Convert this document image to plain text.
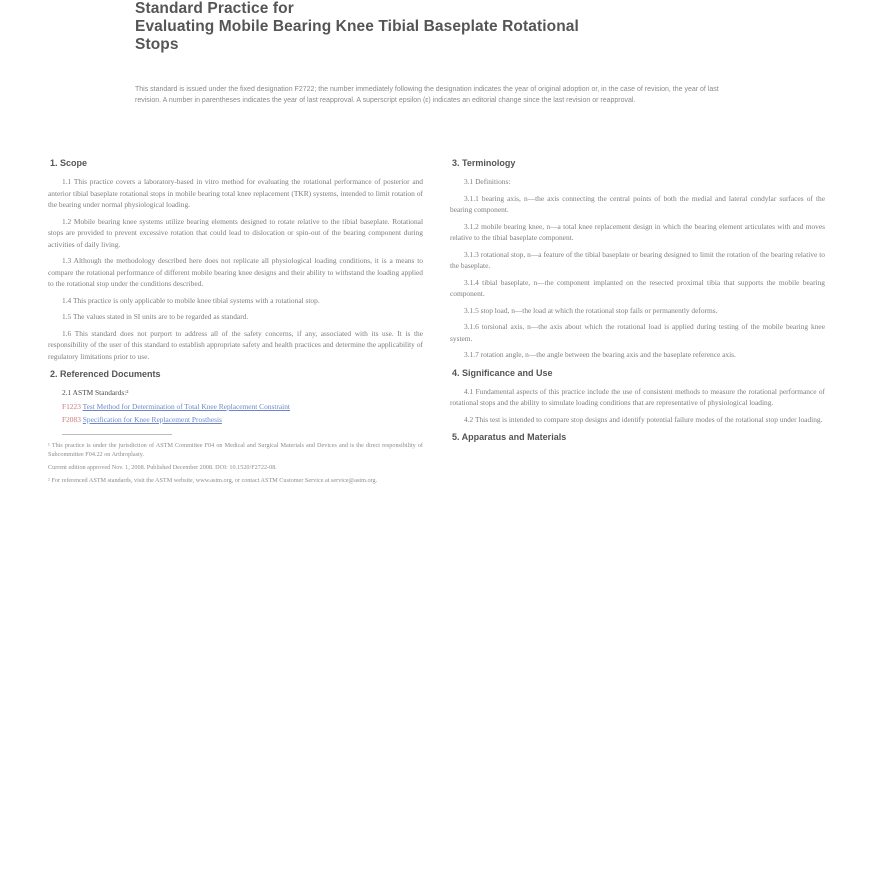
Standard Practice for
Evaluating Mobile Bearing Knee Tibial Baseplate Rotational
Stops
This standard is issued under the fixed designation F2722; the number immediately following the designation indicates the year of original adoption or, in the case of revision, the year of last revision. A number in parentheses indicates the year of last reapproval. A superscript epsilon (ε) indicates an editorial change since the last revision or reapproval.
1. Scope

1.1 This practice covers a laboratory-based in vitro method for evaluating the rotational performance of posterior and anterior tibial baseplate rotational stops in mobile bearing total knee replacement (TKR) systems, intended to limit rotation of the bearing under normal physiological loading.

1.2 Mobile bearing knee systems utilize bearing elements designed to rotate relative to the tibial baseplate. Rotational stops are provided to prevent excessive rotation that could lead to dislocation or spin-out of the bearing component during activities of daily living.

1.3 Although the methodology described here does not replicate all physiological loading conditions, it is a means to compare the rotational performance of different mobile bearing knee designs and their ability to withstand the loading applied to the rotational stop under the conditions described.

1.4 This practice is only applicable to mobile knee tibial systems with a rotational stop.

1.5 The values stated in SI units are to be regarded as standard.

1.6 This standard does not purport to address all of the safety concerns, if any, associated with its use. It is the responsibility of the user of this standard to establish appropriate safety and health practices and determine the applicability of regulatory limitations prior to use.

2. Referenced Documents
2.1 ASTM Standards:²
F1223 Test Method for Determination of Total Knee Replacement Constraint
F2083 Specification for Knee Replacement Prosthesis
¹ This practice is under the jurisdiction of ASTM Committee F04 on Medical and Surgical Materials and Devices and is the direct responsibility of Subcommittee F04.22 on Arthroplasty.
Current edition approved Nov. 1, 2008. Published December 2008. DOI: 10.1520/F2722-08.
² For referenced ASTM standards, visit the ASTM website, www.astm.org, or contact ASTM Customer Service at service@astm.org.
3. Terminology

3.1 Definitions:

3.1.1 bearing axis, n—the axis connecting the central points of both the medial and lateral condylar surfaces of the bearing component.

3.1.2 mobile bearing knee, n—a total knee replacement design in which the bearing element articulates with and moves relative to the tibial baseplate component.

3.1.3 rotational stop, n—a feature of the tibial baseplate or bearing designed to limit the rotation of the bearing relative to the baseplate.

3.1.4 tibial baseplate, n—the component implanted on the resected proximal tibia that supports the mobile bearing component.

3.1.5 stop load, n—the load at which the rotational stop fails or permanently deforms.

3.1.6 torsional axis, n—the axis about which the rotational load is applied during testing of the mobile bearing knee system.

3.1.7 rotation angle, n—the angle between the bearing axis and the baseplate reference axis.

4. Significance and Use

4.1 Fundamental aspects of this practice include the use of consistent methods to measure the rotational performance of rotational stops and the ability to simulate loading conditions that are representative of physiological loading.

4.2 This test is intended to compare stop designs and identify potential failure modes of the rotational stop under loading.

5. Apparatus and Materials
